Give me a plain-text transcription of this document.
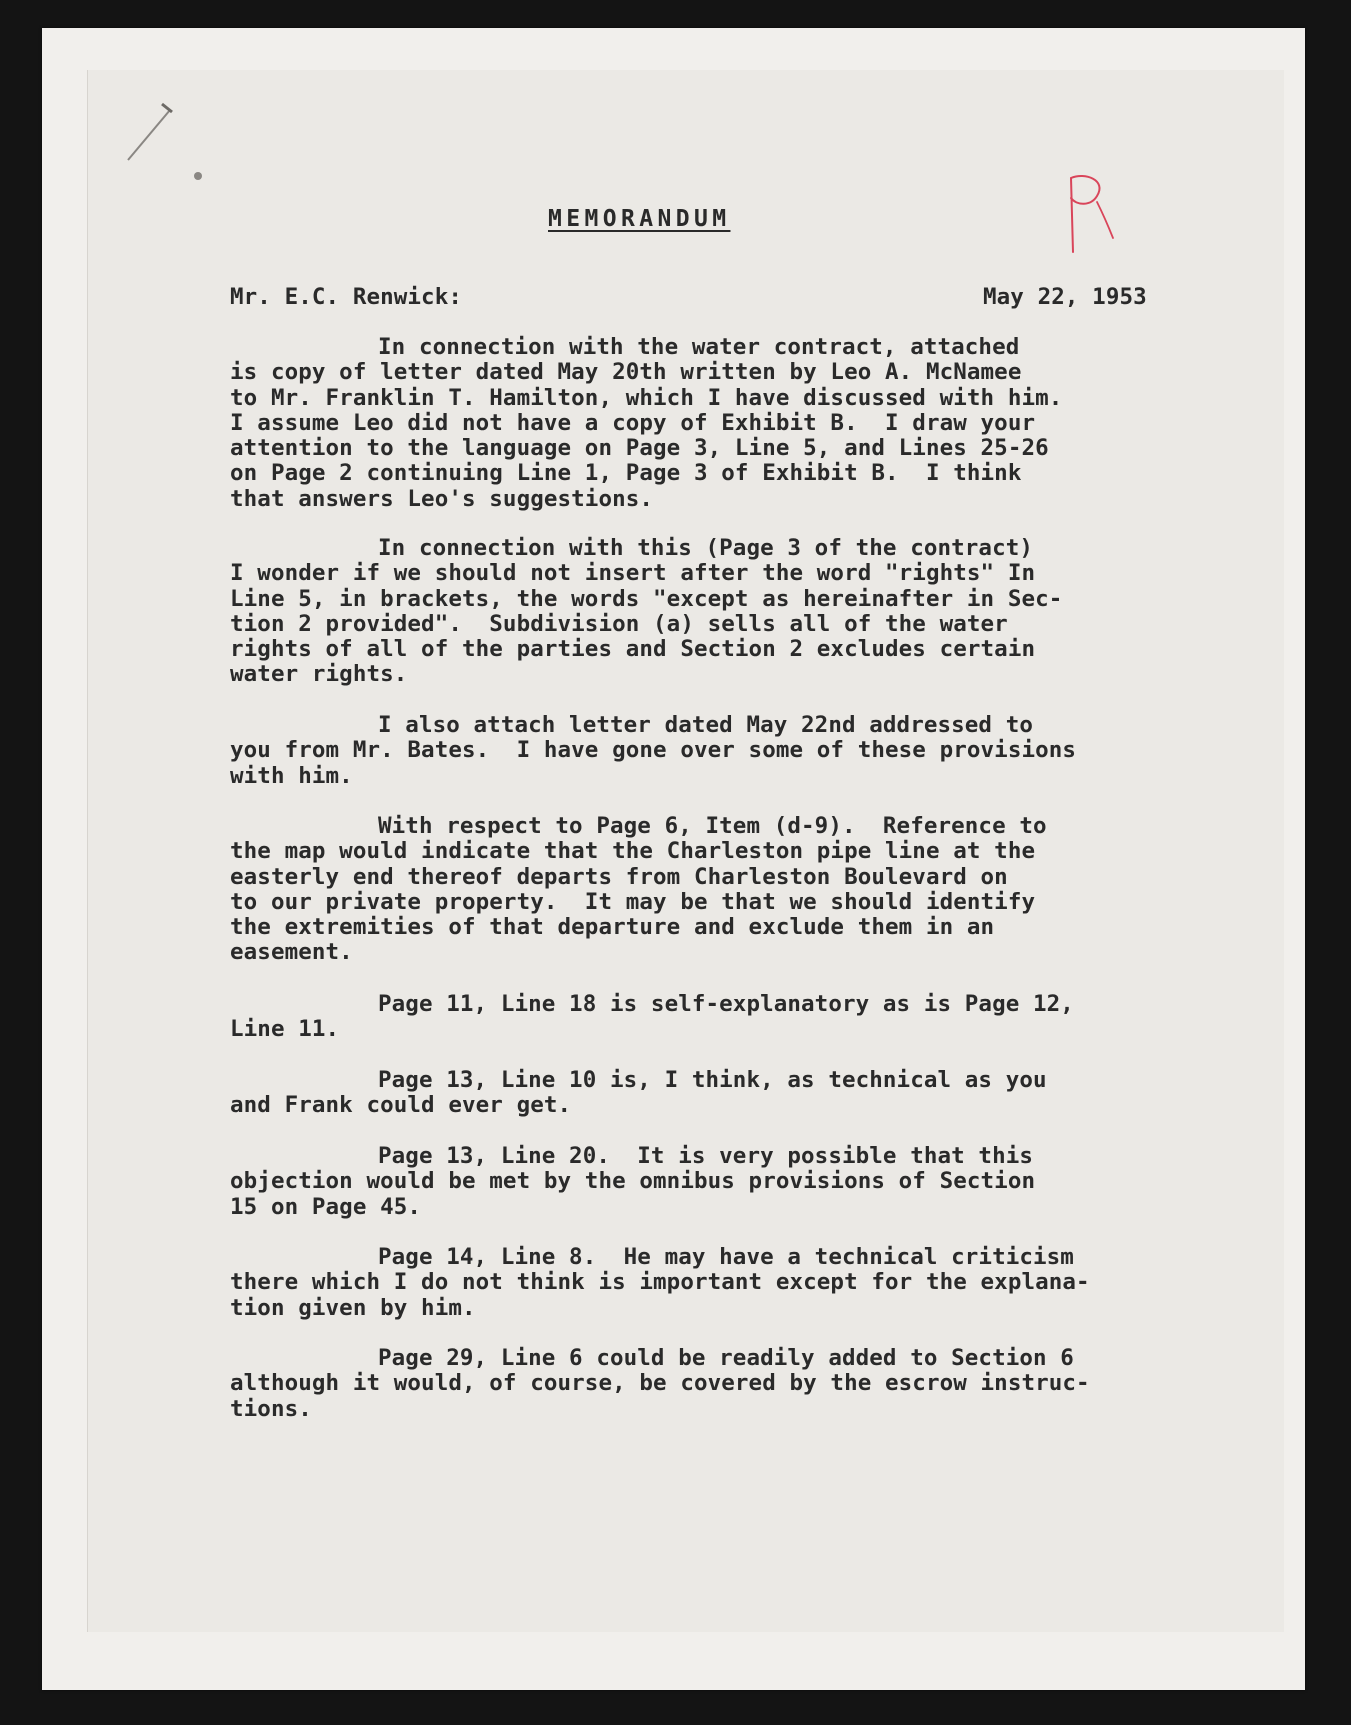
MEMORANDUM
Mr. E.C. Renwick:	May 22, 1953
In connection with the water contract, attached
is copy of letter dated May 20th written by Leo A. McNamee
to Mr. Franklin T. Hamilton, which I have discussed with him.
I assume Leo did not have a copy of Exhibit B.  I draw your
attention to the language on Page 3, Line 5, and Lines 25-26
on Page 2 continuing Line 1, Page 3 of Exhibit B.  I think
that answers Leo's suggestions.
In connection with this (Page 3 of the contract)
I wonder if we should not insert after the word "rights" In
Line 5, in brackets, the words "except as hereinafter in Sec-
tion 2 provided".  Subdivision (a) sells all of the water
rights of all of the parties and Section 2 excludes certain
water rights.
I also attach letter dated May 22nd addressed to
you from Mr. Bates.  I have gone over some of these provisions
with him.
With respect to Page 6, Item (d-9).  Reference to
the map would indicate that the Charleston pipe line at the
easterly end thereof departs from Charleston Boulevard on
to our private property.  It may be that we should identify
the extremities of that departure and exclude them in an
easement.
Page 11, Line 18 is self-explanatory as is Page 12,
Line 11.
Page 13, Line 10 is, I think, as technical as you
and Frank could ever get.
Page 13, Line 20.  It is very possible that this
objection would be met by the omnibus provisions of Section
15 on Page 45.
Page 14, Line 8.  He may have a technical criticism
there which I do not think is important except for the explana-
tion given by him.
Page 29, Line 6 could be readily added to Section 6
although it would, of course, be covered by the escrow instruc-
tions.
